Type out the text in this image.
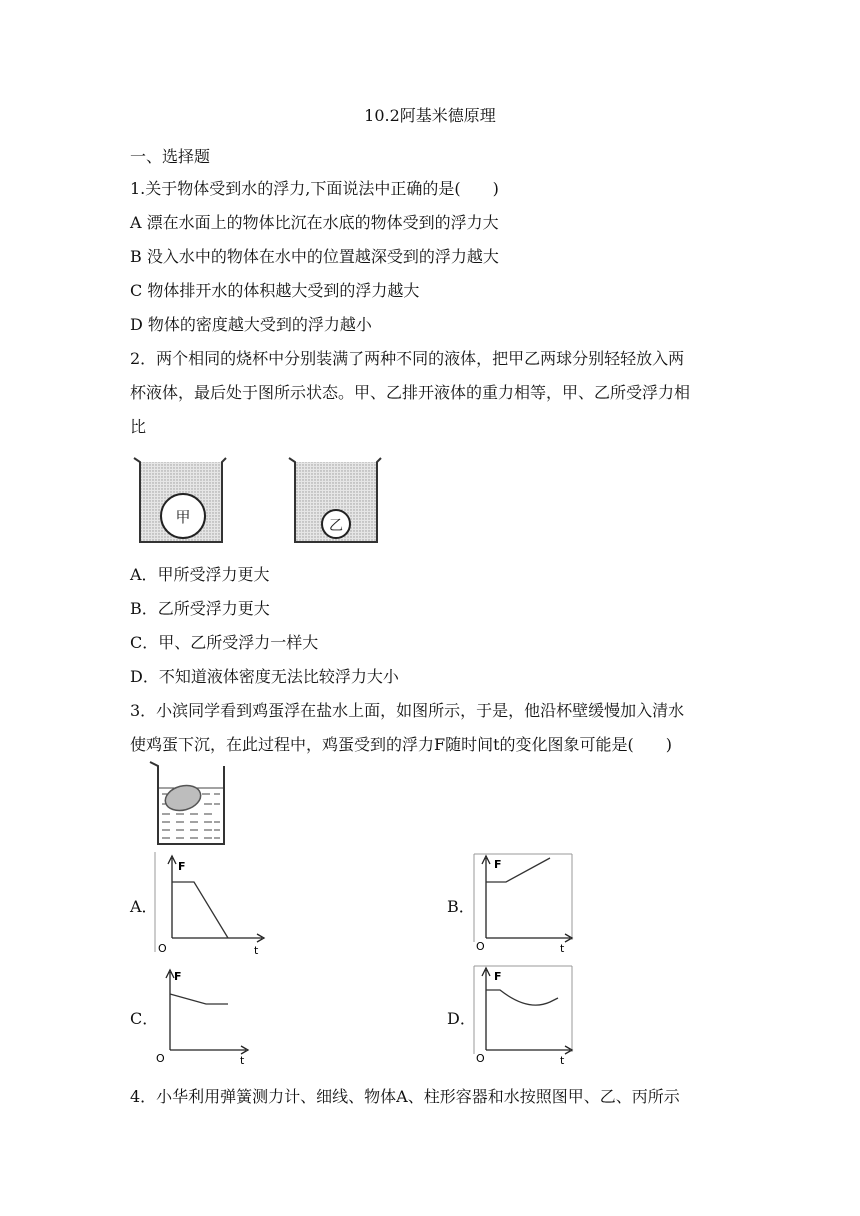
10.2阿基米德原理
一、选择题
1.关于物体受到水的浮力,下面说法中正确的是(　　)
A 漂在水面上的物体比沉在水底的物体受到的浮力大
B 没入水中的物体在水中的位置越深受到的浮力越大
C 物体排开水的体积越大受到的浮力越大
D 物体的密度越大受到的浮力越小
2．两个相同的烧杯中分别装满了两种不同的液体，把甲乙两球分别轻轻放入两
杯液体，最后处于图所示状态。甲、乙排开液体的重力相等，甲、乙所受浮力相
比
甲	乙
A．甲所受浮力更大
B．乙所受浮力更大
C．甲、乙所受浮力一样大
D．不知道液体密度无法比较浮力大小
3．小滨同学看到鸡蛋浮在盐水上面，如图所示，于是，他沿杯壁缓慢加入清水
使鸡蛋下沉，在此过程中，鸡蛋受到的浮力F随时间t的变化图象可能是(　　)
A．
F
O	t
B．
F
O	t
C．
F
O	t
D．
F
O	t
4．小华利用弹簧测力计、细线、物体A、柱形容器和水按照图甲、乙、丙所示
